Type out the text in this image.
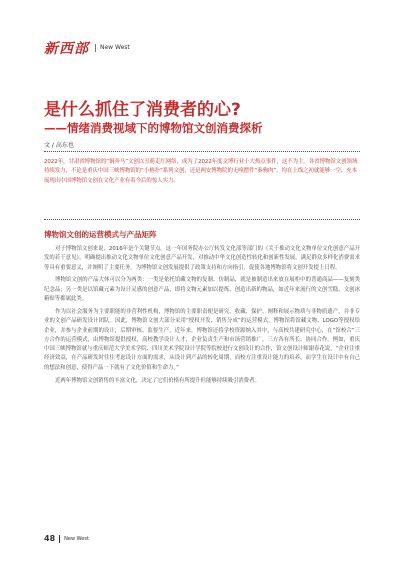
新西部 New West
是什么抓住了消费者的心?
——情绪消费视域下的博物馆文创消费探析
文 / 高东也

2022年，甘肃省博物馆的“铜奔马”文创以丑萌走红网络，成为了2022年度文博行业十大热点事件，这不为主。各省博物馆文创领域持续发力，不论是重庆中国三峡博物馆的“小榕扑”系列文创，还是两安博物院的无嗅摆件“秦驹肉”，均在上线之初就能够一空，充本展现出中国博物馆文创在文化产业有着今后的惊人实力。

博物馆文创的运营模式与产品矩阵

对于博物馆文创来说，2016年是个关键节点。这一年国务院办公厅转发文化部等部门的《关于推动文化文物单位文化创意产品开发的若干意见》，明确提出推动文化文物单位文化创意产品开发，对推动中华文化创造性转化和创新性发展，满足群众多样化消费需求等具有重要意义，并阐明了主要任务。为博物馆文创发展提供了政策支持和方向指引，促使各地博物馆将文创开发提上日程。

博物馆文创的产品大体可以分为两类：一类是依托馆藏文物的复制、仿制品，就是被制造出来放在展柜中的普通商品——复刻类纪念品；另一类是以馆藏元素为设计灵感的创意产品，即将文物元素加以提炼、创造出新的物品，如近年来流行的文创雪糕、文创冰箱贴等都属此类。

作为以社会服务为主要职能的非营利性机构，博物馆的主要职责便是研究、收藏、保护、阐释和展示物质与非物质遗产，并非专业的文创产品研发设计团队。因此，博物馆文创大部分采用“授权开发、销售分成”的运营模式。博物馆将馆藏文物、LOGO等授权给企业，并参与企业前期的设计，后期审核、监督生产，近年来，博物馆还将学校资源纳入其中，与高校共建研究中心，在“馆校合”三方合作的运营模式，由博物馆提供授权，高校教学设计人才，企业负责生产和市场营销推广，三方各有所长，协同合作。例如，重庆中国三峡博物馆就与重庆师范大学美术学院、四川美术学院设计学院等院校进行文创设计的合作，馆文创设计师谢春花说，“企业注重经济效益，在产品研发时往往考虑设计方面的需求，从设计到产品的转化周期，而校方注重设计能力的培养，而学生在设计中有自己的想法和创意，使得产品一下就有了文化价值和生命力。”

近两年博物馆文创销售的丰富文化，决定了它们价格有所提升但能够持续吸引消费者。

48 New West
